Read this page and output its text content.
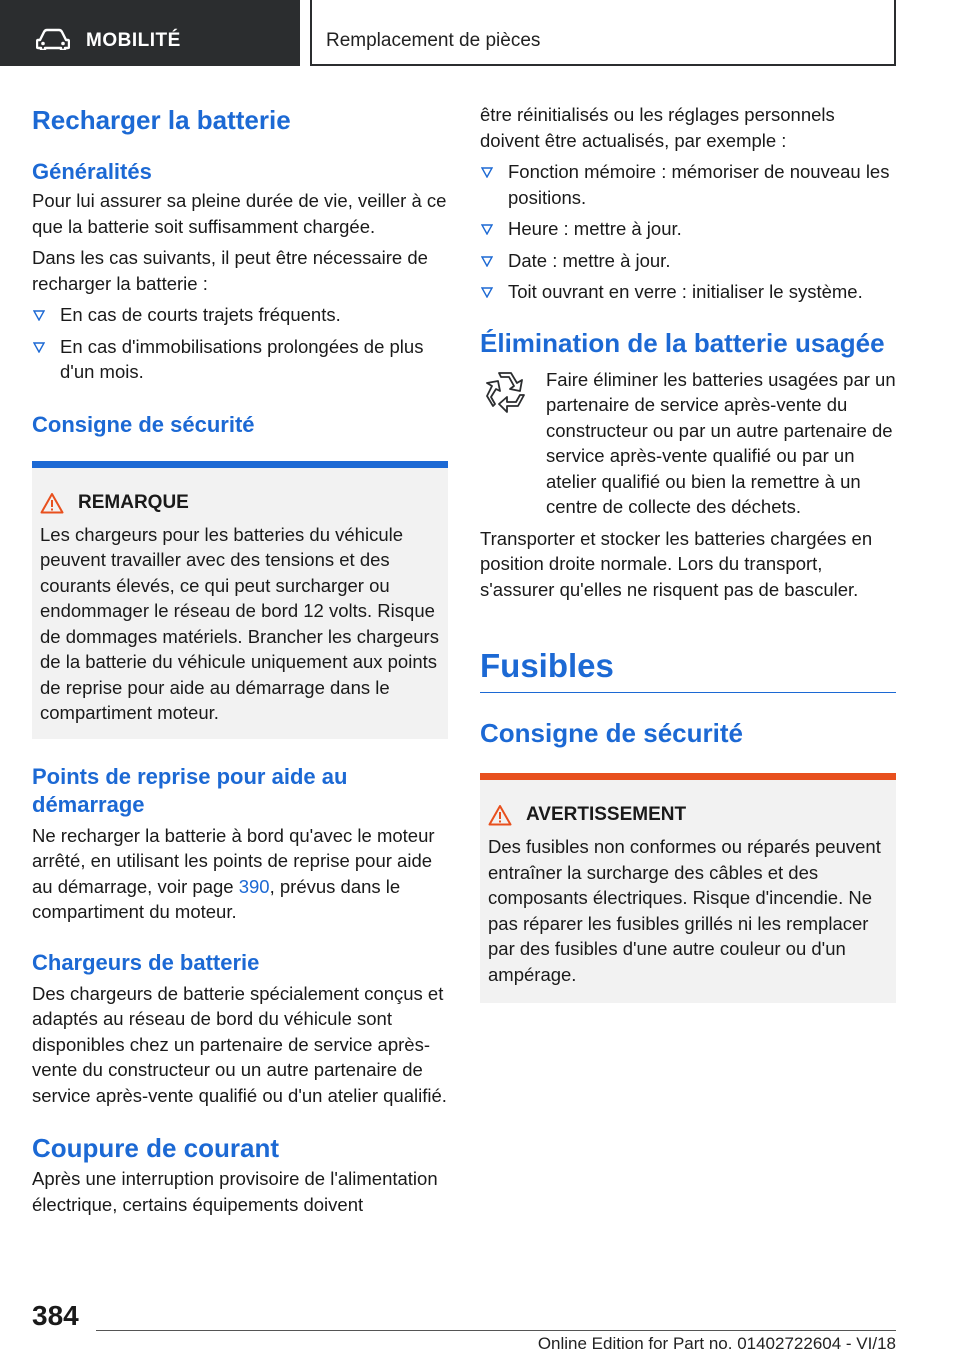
MOBILITÉ	Remplacement de pièces
Recharger la batterie
Généralités

Pour lui assurer sa pleine durée de vie, veiller à ce que la batterie soit suffisamment chargée.

Dans les cas suivants, il peut être nécessaire de recharger la batterie :

En cas de courts trajets fréquents.
En cas d'immobilisations prolongées de plus d'un mois.
Consigne de sécurité
REMARQUE
Les chargeurs pour les batteries du véhicule peuvent travailler avec des tensions et des courants élevés, ce qui peut surcharger ou endommager le réseau de bord 12 volts. Risque de dommages matériels. Brancher les chargeurs de la batterie du véhicule uniquement aux points de reprise pour aide au démarrage dans le compartiment moteur.
Points de reprise pour aide au démarrage

Ne recharger la batterie à bord qu'avec le moteur arrêté, en utilisant les points de reprise pour aide au démarrage, voir page 390, prévus dans le compartiment du moteur.

Chargeurs de batterie

Des chargeurs de batterie spécialement conçus et adaptés au réseau de bord du véhicule sont disponibles chez un partenaire de service après-vente du constructeur ou un autre partenaire de service après-vente qualifié ou d'un atelier qualifié.

Coupure de courant

Après une interruption provisoire de l'alimentation électrique, certains équipements doivent

être réinitialisés ou les réglages personnels doivent être actualisés, par exemple :

Fonction mémoire : mémoriser de nouveau les positions.
Heure : mettre à jour.
Date : mettre à jour.
Toit ouvrant en verre : initialiser le système.
Élimination de la batterie usagée

Faire éliminer les batteries usagées par un partenaire de service après-vente du constructeur ou par un autre partenaire de service après-vente qualifié ou par un atelier qualifié ou bien la remettre à un centre de collecte des déchets.

Transporter et stocker les batteries chargées en position droite normale. Lors du transport, s'assurer qu'elles ne risquent pas de basculer.

Fusibles
Consigne de sécurité
AVERTISSEMENT
Des fusibles non conformes ou réparés peuvent entraîner la surcharge des câbles et des composants électriques. Risque d'incendie. Ne pas réparer les fusibles grillés ni les remplacer par des fusibles d'une autre couleur ou d'un ampérage.
384
Online Edition for Part no. 01402722604 - VI/18
